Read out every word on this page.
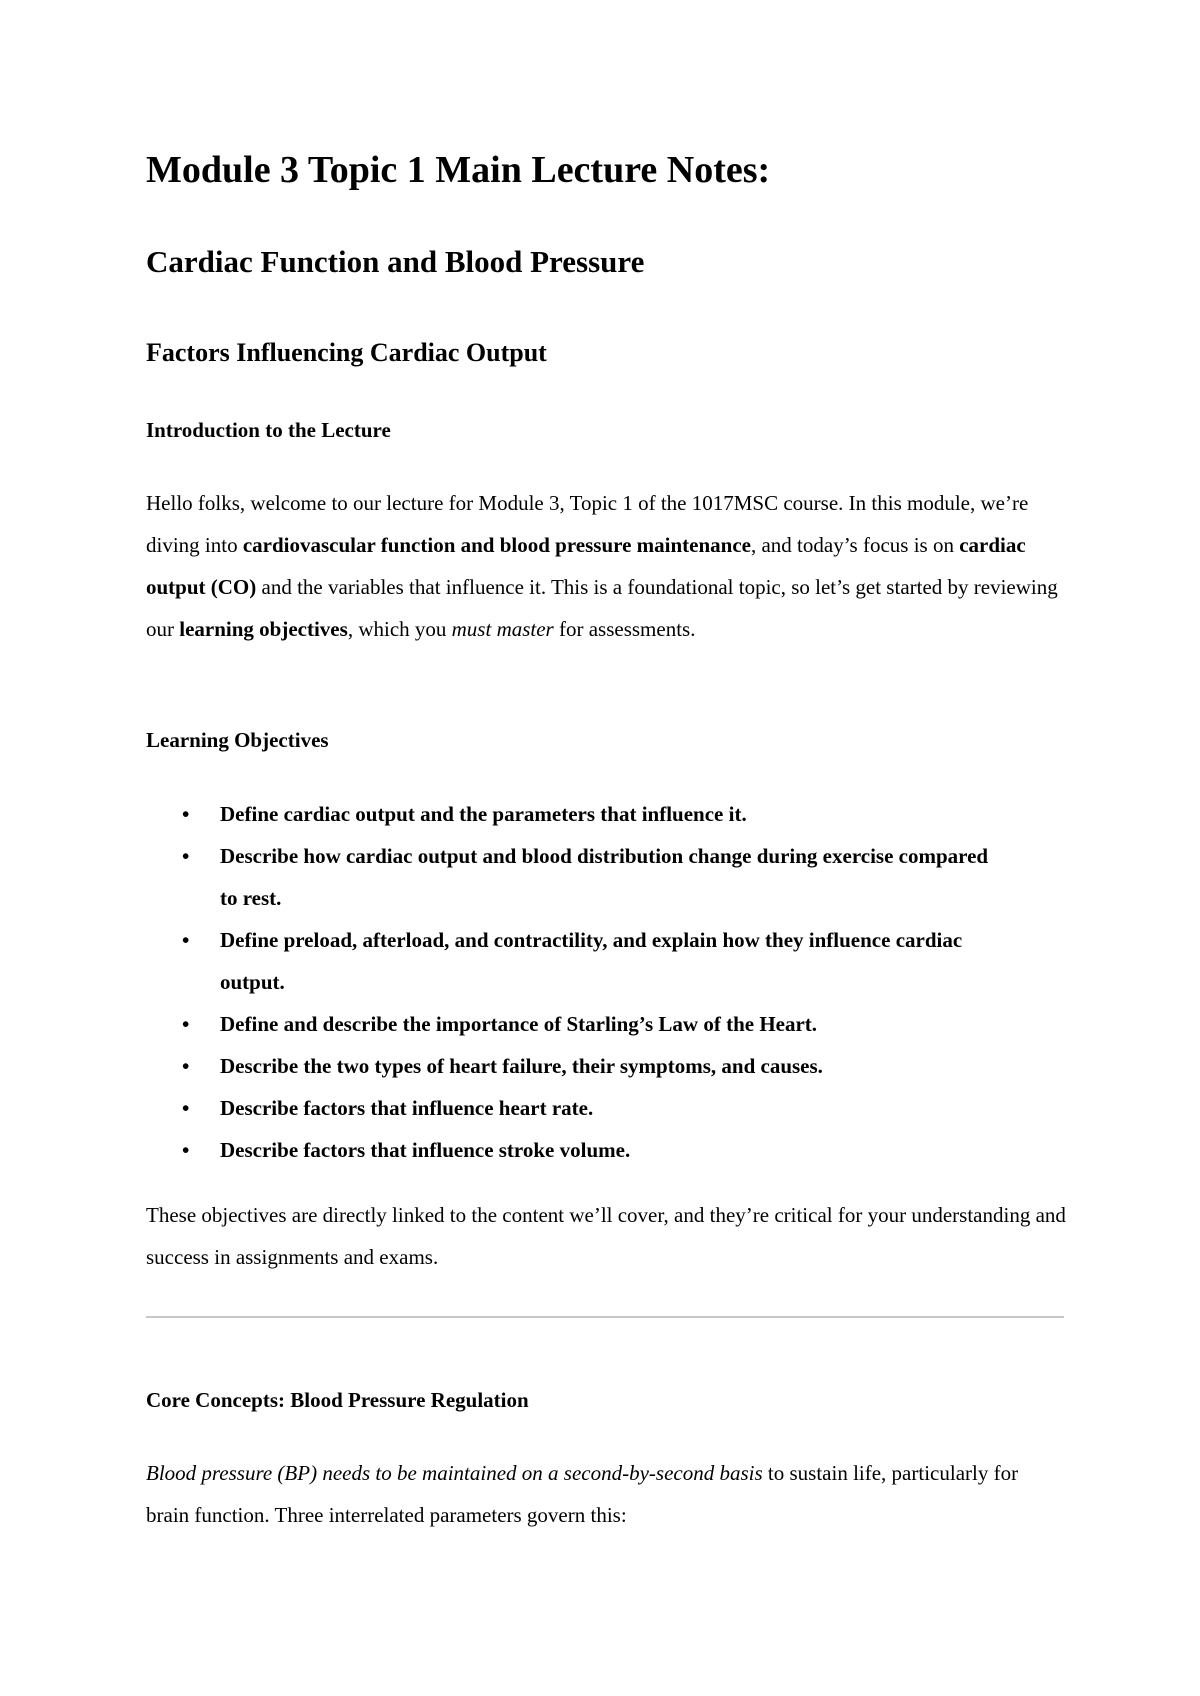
Module 3 Topic 1 Main Lecture Notes:
Cardiac Function and Blood Pressure
Factors Influencing Cardiac Output
Introduction to the Lecture

Hello folks, welcome to our lecture for Module 3, Topic 1 of the 1017MSC course. In this module, we’re diving into cardiovascular function and blood pressure maintenance, and today’s focus is on cardiac output (CO) and the variables that influence it. This is a foundational topic, so let’s get started by reviewing our learning objectives, which you must master for assessments.

Learning Objectives
• Define cardiac output and the parameters that influence it.
• Describe how cardiac output and blood distribution change during exercise compared to rest.
• Define preload, afterload, and contractility, and explain how they influence cardiac output.
• Define and describe the importance of Starling’s Law of the Heart.
• Describe the two types of heart failure, their symptoms, and causes.
• Describe factors that influence heart rate.
• Describe factors that influence stroke volume.

These objectives are directly linked to the content we’ll cover, and they’re critical for your understanding and success in assignments and exams.

Core Concepts: Blood Pressure Regulation

Blood pressure (BP) needs to be maintained on a second-by-second basis to sustain life, particularly for brain function. Three interrelated parameters govern this:
